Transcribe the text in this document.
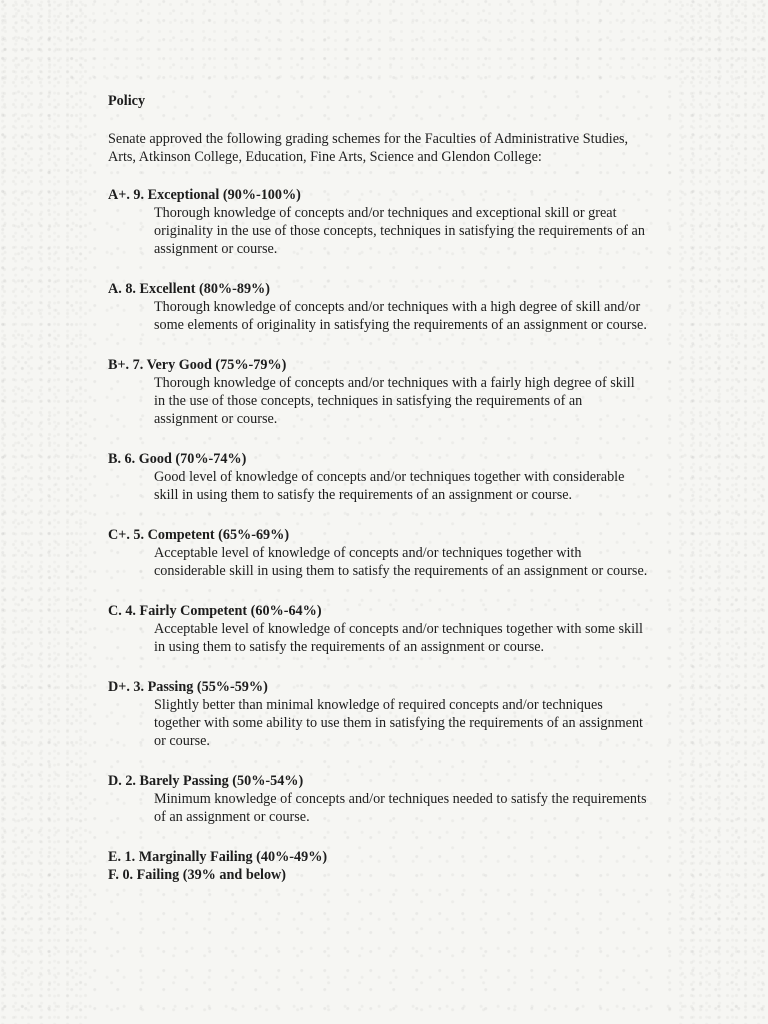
Policy
Senate approved the following grading schemes for the Faculties of Administrative Studies, Arts, Atkinson College, Education, Fine Arts, Science and Glendon College:
A+. 9. Exceptional (90%-100%)
Thorough knowledge of concepts and/or techniques and exceptional skill or great originality in the use of those concepts, techniques in satisfying the requirements of an assignment or course.
A. 8. Excellent (80%-89%)
Thorough knowledge of concepts and/or techniques with a high degree of skill and/or some elements of originality in satisfying the requirements of an assignment or course.
B+. 7. Very Good (75%-79%)
Thorough knowledge of concepts and/or techniques with a fairly high degree of skill in the use of those concepts, techniques in satisfying the requirements of an assignment or course.
B. 6. Good (70%-74%)
Good level of knowledge of concepts and/or techniques together with considerable skill in using them to satisfy the requirements of an assignment or course.
C+. 5. Competent (65%-69%)
Acceptable level of knowledge of concepts and/or techniques together with considerable skill in using them to satisfy the requirements of an assignment or course.
C. 4. Fairly Competent (60%-64%)
Acceptable level of knowledge of concepts and/or techniques together with some skill in using them to satisfy the requirements of an assignment or course.
D+. 3. Passing (55%-59%)
Slightly better than minimal knowledge of required concepts and/or techniques together with some ability to use them in satisfying the requirements of an assignment or course.
D. 2. Barely Passing (50%-54%)
Minimum knowledge of concepts and/or techniques needed to satisfy the requirements of an assignment or course.
E. 1. Marginally Failing (40%-49%)
F. 0. Failing (39% and below)
